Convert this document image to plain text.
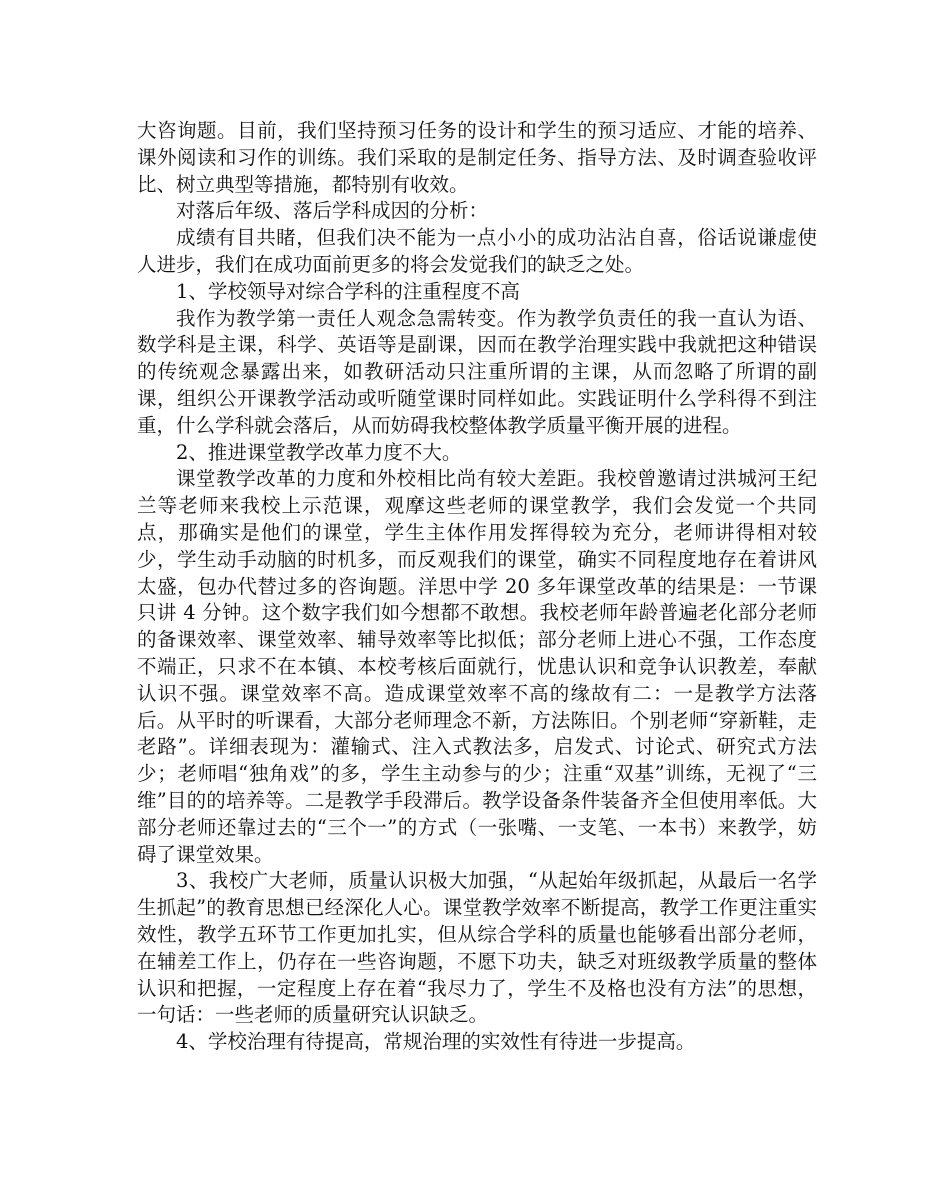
大咨询题。目前，我们坚持预习任务的设计和学生的预习适应、才能的培养、课外阅读和习作的训练。我们采取的是制定任务、指导方法、及时调查验收评比、树立典型等措施，都特别有收效。

对落后年级、落后学科成因的分析：

成绩有目共睹，但我们决不能为一点小小的成功沾沾自喜，俗话说谦虚使人进步，我们在成功面前更多的将会发觉我们的缺乏之处。

1、学校领导对综合学科的注重程度不高

我作为教学第一责任人观念急需转变。作为教学负责任的我一直认为语、数学科是主课，科学、英语等是副课，因而在教学治理实践中我就把这种错误的传统观念暴露出来，如教研活动只注重所谓的主课，从而忽略了所谓的副课，组织公开课教学活动或听随堂课时同样如此。实践证明什么学科得不到注重，什么学科就会落后，从而妨碍我校整体教学质量平衡开展的进程。

2、推进课堂教学改革力度不大。

课堂教学改革的力度和外校相比尚有较大差距。我校曾邀请过洪城河王纪兰等老师来我校上示范课，观摩这些老师的课堂教学，我们会发觉一个共同点，那确实是他们的课堂，学生主体作用发挥得较为充分，老师讲得相对较少，学生动手动脑的时机多，而反观我们的课堂，确实不同程度地存在着讲风太盛，包办代替过多的咨询题。洋思中学 20 多年课堂改革的结果是：一节课只讲 4 分钟。这个数字我们如今想都不敢想。我校老师年龄普遍老化部分老师的备课效率、课堂效率、辅导效率等比拟低；部分老师上进心不强，工作态度不端正，只求不在本镇、本校考核后面就行，忧患认识和竞争认识教差，奉献认识不强。课堂效率不高。造成课堂效率不高的缘故有二：一是教学方法落后。从平时的听课看，大部分老师理念不新，方法陈旧。个别老师“穿新鞋，走老路”。详细表现为：灌输式、注入式教法多，启发式、讨论式、研究式方法少；老师唱“独角戏”的多，学生主动参与的少；注重“双基”训练，无视了“三维”目的的培养等。二是教学手段滞后。教学设备条件装备齐全但使用率低。大部分老师还靠过去的“三个一”的方式（一张嘴、一支笔、一本书）来教学，妨碍了课堂效果。

3、我校广大老师，质量认识极大加强，“从起始年级抓起，从最后一名学生抓起”的教育思想已经深化人心。课堂教学效率不断提高，教学工作更注重实效性，教学五环节工作更加扎实，但从综合学科的质量也能够看出部分老师，在辅差工作上，仍存在一些咨询题，不愿下功夫，缺乏对班级教学质量的整体认识和把握，一定程度上存在着“我尽力了，学生不及格也没有方法”的思想，一句话：一些老师的质量研究认识缺乏。

4、学校治理有待提高，常规治理的实效性有待进一步提高。
